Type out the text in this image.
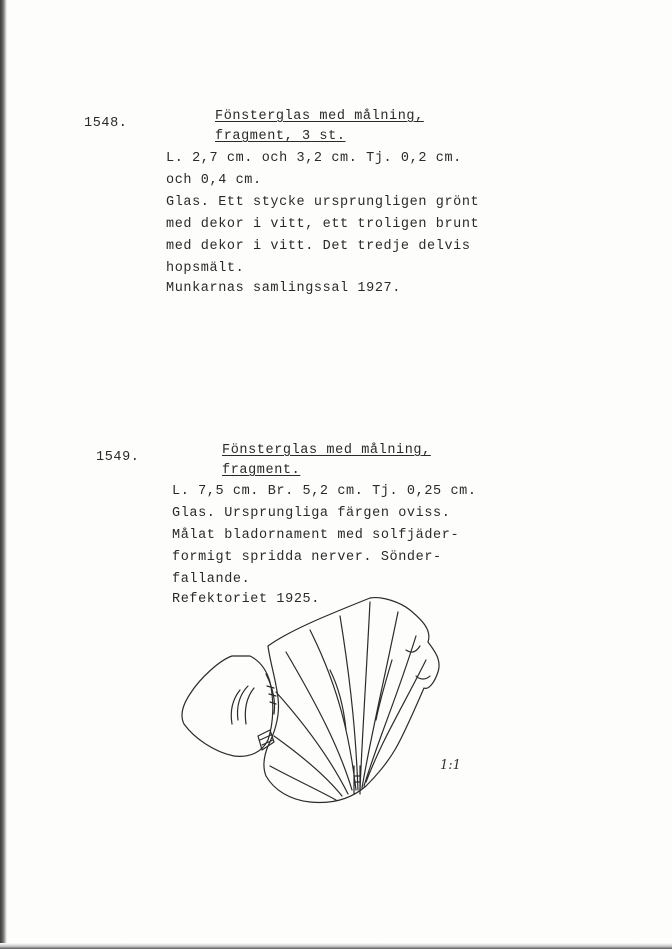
1548.	Fönsterglas med målning,
fragment, 3 st.
L. 2,7 cm. och 3,2 cm. Tj. 0,2 cm.
och 0,4 cm.
Glas. Ett stycke ursprungligen grönt
med dekor i vitt, ett troligen brunt
med dekor i vitt. Det tredje delvis
hopsmält.
Munkarnas samlingssal 1927.
1549.	Fönsterglas med målning,
fragment.
L. 7,5 cm. Br. 5,2 cm. Tj. 0,25 cm.
Glas. Ursprungliga färgen oviss.
Målat bladornament med solfjäder-
formigt spridda nerver. Sönder-
fallande.
Refektoriet 1925.
1:1
